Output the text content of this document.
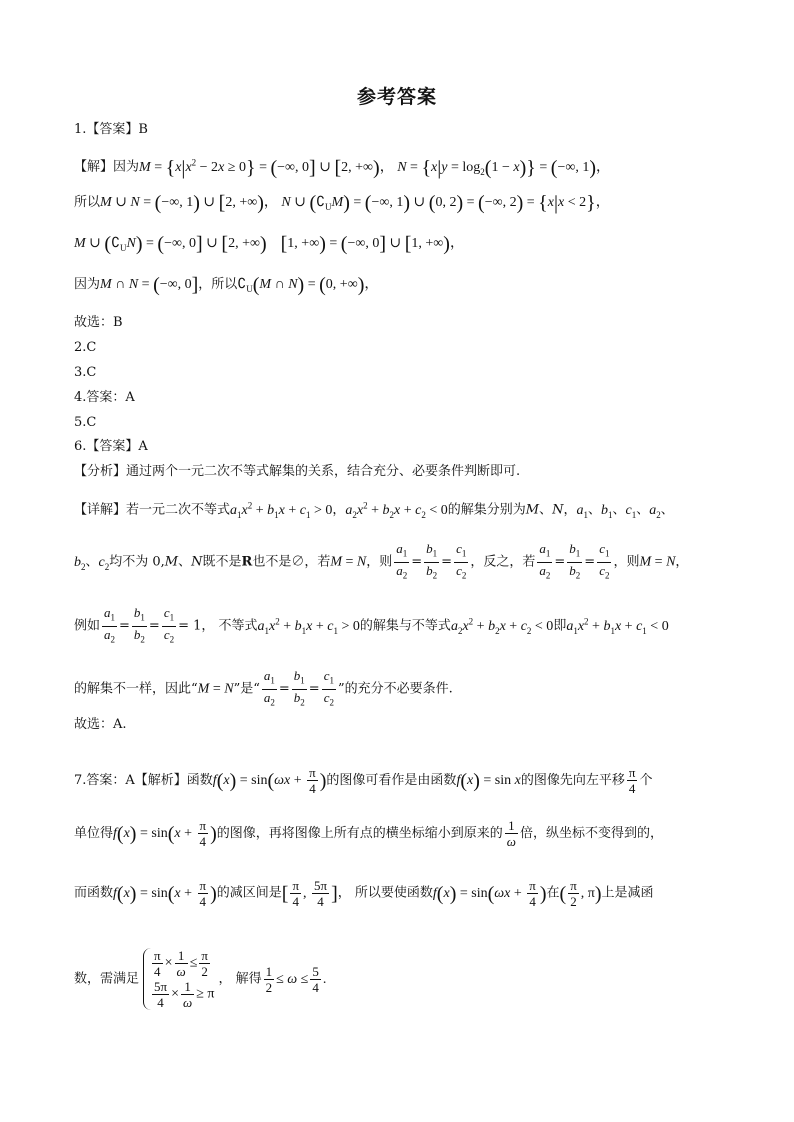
参考答案
1.【答案】B
【解】因为$M = \{x|x^2 - 2x \ge 0\}$ = (−∞, 0] ∪ [2, +∞)， $N = \{x|y = \log_2(1 - x)\}$ = (−∞, 1)，
所以M ∪ N = (−∞, 1) ∪ [2, +∞)， N ∪ $(∁_UM)$ = (−∞, 1) ∪ (0, 2) = (−∞, 2) = {x|x < 2}，
M ∪ $(∁_UN)$ = (−∞, 0] ∪ [2, +∞) [1, +∞) = (−∞, 0] ∪ [1, +∞)，
因为M ∩ N = (−∞, 0]，所以$∁_U(M$ ∩ N) = (0, +∞)，
故选：B
2.C
3.C
4.答案：A
5.C
6.【答案】A
【分析】通过两个一元二次不等式解集的关系，结合充分、必要条件判断即可.
【详解】若一元二次不等式$a_1x^2 + b_1x + c_1 > 0$，$a_2x^2 + b_2x + c_2 < 0$的解集分别为M、N，$a_1$、$b_1$、$c_1$、$a_2$、
$b_2$、$c_2$均不为 0,M、N既不是R也不是∅，若M = N，则 $\frac{a_1}{a_2} = \frac{b_1}{b_2} = \frac{c_1}{c_2}$ ，反之，若 $\frac{a_1}{a_2} = \frac{b_1}{b_2} = \frac{c_1}{c_2}$ ，则M = N，
例如 $\frac{a_1}{a_2} = \frac{b_1}{b_2} = \frac{c_1}{c_2} = 1$， 不等式$a_1x^2 + b_1x + c_1 > 0$的解集与不等式$a_2x^2 + b_2x + c_2 < 0$即$a_1x^2 + b_1x + c_1 < 0$
的解集不一样，因此“M = N”是“ $\frac{a_1}{a_2} = \frac{b_1}{b_2} = \frac{c_1}{c_2}$ ”的充分不必要条件.
故选：A.
7.答案：A【解析】函数$f(x) = \sin(\omega x + \frac{\pi}{4}$ )的图像可看作是由函数f(x) = sin x的图像先向左平移 $\frac{\pi}{4}$ 个
单位得$f(x) = \sin(x + \frac{\pi}{4}$ )的图像，再将图像上所有点的横坐标缩小到原来的 $\frac{1}{\omega}$ 倍，纵坐标不变得到的，
而函数$f(x) = \sin(x + \frac{\pi}{4}$ )的减区间是[ $\frac{\pi}{4}$ , $\frac{5\pi}{4}$ ]， 所以要使函数$f(x) = \sin(\omega x + \frac{\pi}{4}$ )在( $\frac{\pi}{2}$ , π)上是减函
数，需满足 $\frac{\pi}{4} \times \frac{1}{\omega} \le \frac{\pi}{2}$
$\frac{5\pi}{4} \times \frac{1}{\omega} \ge \pi$
， 解得 $\frac{1}{2} \le \omega \le \frac{5}{4}$ .
